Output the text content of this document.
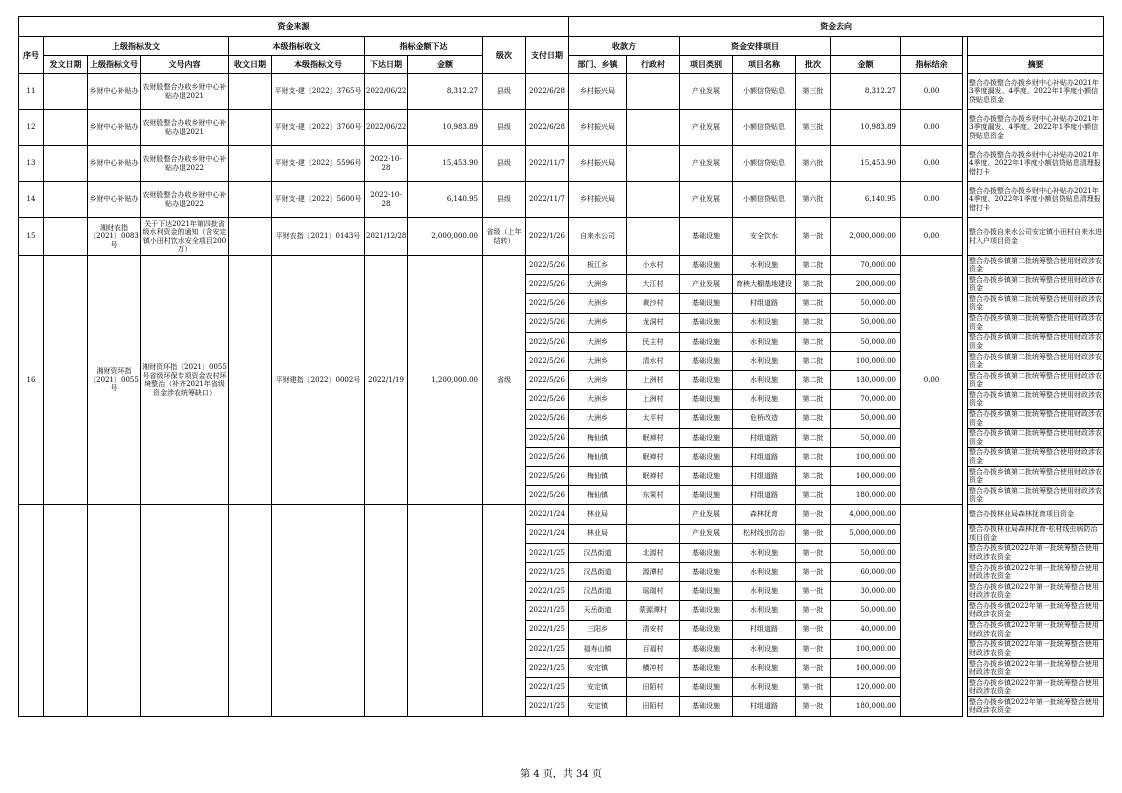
资金来源										资金去向								
序号	上级指标发文			本级指标收文		指标金额下达		级次	支付日期	收款方		资金安排项目						
	发文日期	上级指标文号	文号内容	收文日期	本级指标文号	下达日期	金额			部门、乡镇	行政村	项目类别	项目名称	批次	金额	指标结余		摘要
11		乡财中心补贴办	农财股整合办收乡财中心补贴办退2021		平财支-建〔2022〕3765号	2022/06/22	8,312.27	县级	2022/6/28	乡村振兴局		产业发展	小额信贷贴息	第三批	8,312.27	0.00		整合办拨整合办拨乡财中心补贴办2021年3季度漏发、4季度、2022年1季度小额信贷贴息资金
12		乡财中心补贴办	农财股整合办收乡财中心补贴办退2021		平财支-建〔2022〕3760号	2022/06/22	10,983.89	县级	2022/6/28	乡村振兴局		产业发展	小额信贷贴息	第三批	10,983.89	0.00		整合办拨整合办拨乡财中心补贴办2021年3季度漏发、4季度、2022年1季度小额信贷贴息资金
13		乡财中心补贴办	农财股整合办收乡财中心补贴办退2022		平财支-建〔2022〕5596号	2022-10-28	15,453.90	县级	2022/11/7	乡村振兴局		产业发展	小额信贷贴息	第六批	15,453.90	0.00		整合办拨整合办拨乡财中心补贴办2021年4季度、2022年1季度小额信贷贴息清理报错打卡
14		乡财中心补贴办	农财股整合办收乡财中心补贴办退2022		平财支-建〔2022〕5600号	2022-10-28	6,140.95	县级	2022/11/7	乡村振兴局		产业发展	小额信贷贴息	第六批	6,140.95	0.00		整合办拨整合办拨乡财中心补贴办2021年4季度、2022年1季度小额信贷贴息清理报错打卡
15		湘财农指〔2021〕0083号	关于下达2021年第四批省级水利资金的通知（含安定镇小田村饮水安全项目200万）		平财农指〔2021〕0143号	2021/12/28	2,000,000.00	省级（上年结转）	2022/1/26	自来水公司		基础设施	安全饮水	第一批	2,000,000.00	0.00		整合办拨自来水公司安定镇小田村自来水进村入户项目资金
16		湘财资环指〔2021〕0055号	湘财资环指〔2021〕0055号省级环保专项资金农村环境整治（补齐2021年省级资金涉农统筹缺口）		平财建指〔2022〕0002号	2022/1/19	1,200,000.00	省级	2022/5/26	板江乡	小水村	基础设施	水利设施	第二批	70,000.00	0.00		整合办拨乡镇第二批统筹整合使用财政涉农资金
									2022/5/26	大洲乡	大江村	产业发展	育秧大棚基地建设	第二批	200,000.00			整合办拨乡镇第二批统筹整合使用财政涉农资金
									2022/5/26	大洲乡	黄沙村	基础设施	村组道路	第二批	50,000.00			整合办拨乡镇第二批统筹整合使用财政涉农资金
									2022/5/26	大洲乡	龙洞村	基础设施	水利设施	第二批	50,000.00			整合办拨乡镇第二批统筹整合使用财政涉农资金
									2022/5/26	大洲乡	民主村	基础设施	水利设施	第二批	50,000.00			整合办拨乡镇第二批统筹整合使用财政涉农资金
									2022/5/26	大洲乡	清水村	基础设施	水利设施	第二批	100,000.00			整合办拨乡镇第二批统筹整合使用财政涉农资金
									2022/5/26	大洲乡	上洲村	基础设施	水利设施	第二批	130,000.00			整合办拨乡镇第二批统筹整合使用财政涉农资金
									2022/5/26	大洲乡	上洲村	基础设施	水利设施	第二批	70,000.00			整合办拨乡镇第二批统筹整合使用财政涉农资金
									2022/5/26	大洲乡	太平村	基础设施	危桥改造	第二批	50,000.00			整合办拨乡镇第二批统筹整合使用财政涉农资金
									2022/5/26	梅仙镇	眠禅村	基础设施	村组道路	第二批	50,000.00			整合办拨乡镇第二批统筹整合使用财政涉农资金
									2022/5/26	梅仙镇	眠禅村	基础设施	村组道路	第二批	100,000.00			整合办拨乡镇第二批统筹整合使用财政涉农资金
									2022/5/26	梅仙镇	眠禅村	基础设施	村组道路	第二批	100,000.00			整合办拨乡镇第二批统筹整合使用财政涉农资金
									2022/5/26	梅仙镇	东果村	基础设施	村组道路	第二批	180,000.00			整合办拨乡镇第二批统筹整合使用财政涉农资金
									2022/1/24	林业局		产业发展	森林抚育	第一批	4,000,000.00			整合办拨林业局森林抚育项目资金
									2022/1/24	林业局		产业发展	松材线虫防治	第一批	5,000,000.00			整合办拨林业局森林抚育-松材线虫病防治项目资金
									2022/1/25	汉昌街道	北源村	基础设施	水利设施	第一批	50,000.00			整合办拨乡镇2022年第一批统筹整合使用财政涉农资金
									2022/1/25	汉昌街道	源潭村	基础设施	水利设施	第一批	60,000.00			整合办拨乡镇2022年第一批统筹整合使用财政涉农资金
									2022/1/25	汉昌街道	瑶瑞村	基础设施	水利设施	第一批	30,000.00			整合办拨乡镇2022年第一批统筹整合使用财政涉农资金
									2022/1/25	天岳街道	蒙源潭村	基础设施	水利设施	第一批	50,000.00			整合办拨乡镇2022年第一批统筹整合使用财政涉农资金
									2022/1/25	三阳乡	清安村	基础设施	村组道路	第一批	40,000.00			整合办拨乡镇2022年第一批统筹整合使用财政涉农资金
									2022/1/25	福寿山镇	百福村	基础设施	水利设施	第一批	100,000.00			整合办拨乡镇2022年第一批统筹整合使用财政涉农资金
									2022/1/25	安定镇	横冲村	基础设施	水利设施	第一批	100,000.00			整合办拨乡镇2022年第一批统筹整合使用财政涉农资金
									2022/1/25	安定镇	田陌村	基础设施	水利设施	第一批	120,000.00			整合办拨乡镇2022年第一批统筹整合使用财政涉农资金
									2022/1/25	安定镇	田陌村	基础设施	村组道路	第一批	180,000.00			整合办拨乡镇2022年第一批统筹整合使用财政涉农资金
第 4 页，共 34 页
